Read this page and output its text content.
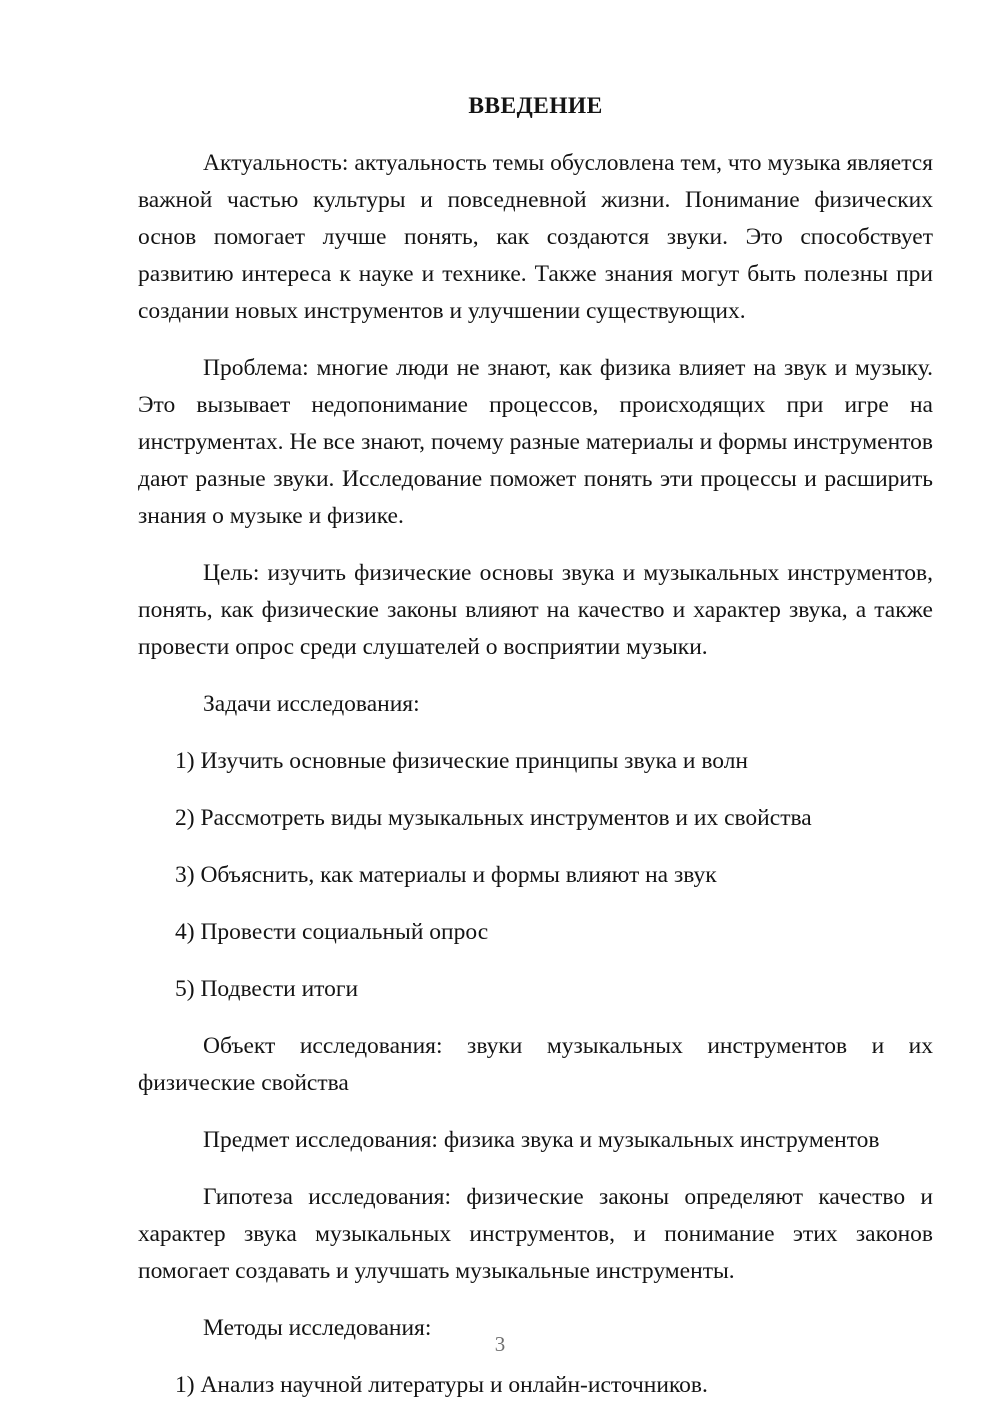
ВВЕДЕНИЕ

Актуальность: актуальность темы обусловлена тем, что музыка является важной частью культуры и повседневной жизни. Понимание физических основ помогает лучше понять, как создаются звуки. Это способствует развитию интереса к науке и технике. Также знания могут быть полезны при создании новых инструментов и улучшении существующих.

Проблема: многие люди не знают, как физика влияет на звук и музыку. Это вызывает недопонимание процессов, происходящих при игре на инструментах. Не все знают, почему разные материалы и формы инструментов дают разные звуки. Исследование поможет понять эти процессы и расширить знания о музыке и физике.

Цель: изучить физические основы звука и музыкальных инструментов, понять, как физические законы влияют на качество и характер звука, а также провести опрос среди слушателей о восприятии музыки.

Задачи исследования:

1) Изучить основные физические принципы звука и волн

2) Рассмотреть виды музыкальных инструментов и их свойства

3) Объяснить, как материалы и формы влияют на звук

4) Провести социальный опрос

5) Подвести итоги

Объект исследования: звуки музыкальных инструментов и их физические свойства

Предмет исследования: физика звука и музыкальных инструментов

Гипотеза исследования: физические законы определяют качество и характер звука музыкальных инструментов, и понимание этих законов помогает создавать и улучшать музыкальные инструменты.

Методы исследования:

1) Анализ научной литературы и онлайн-источников.

3
